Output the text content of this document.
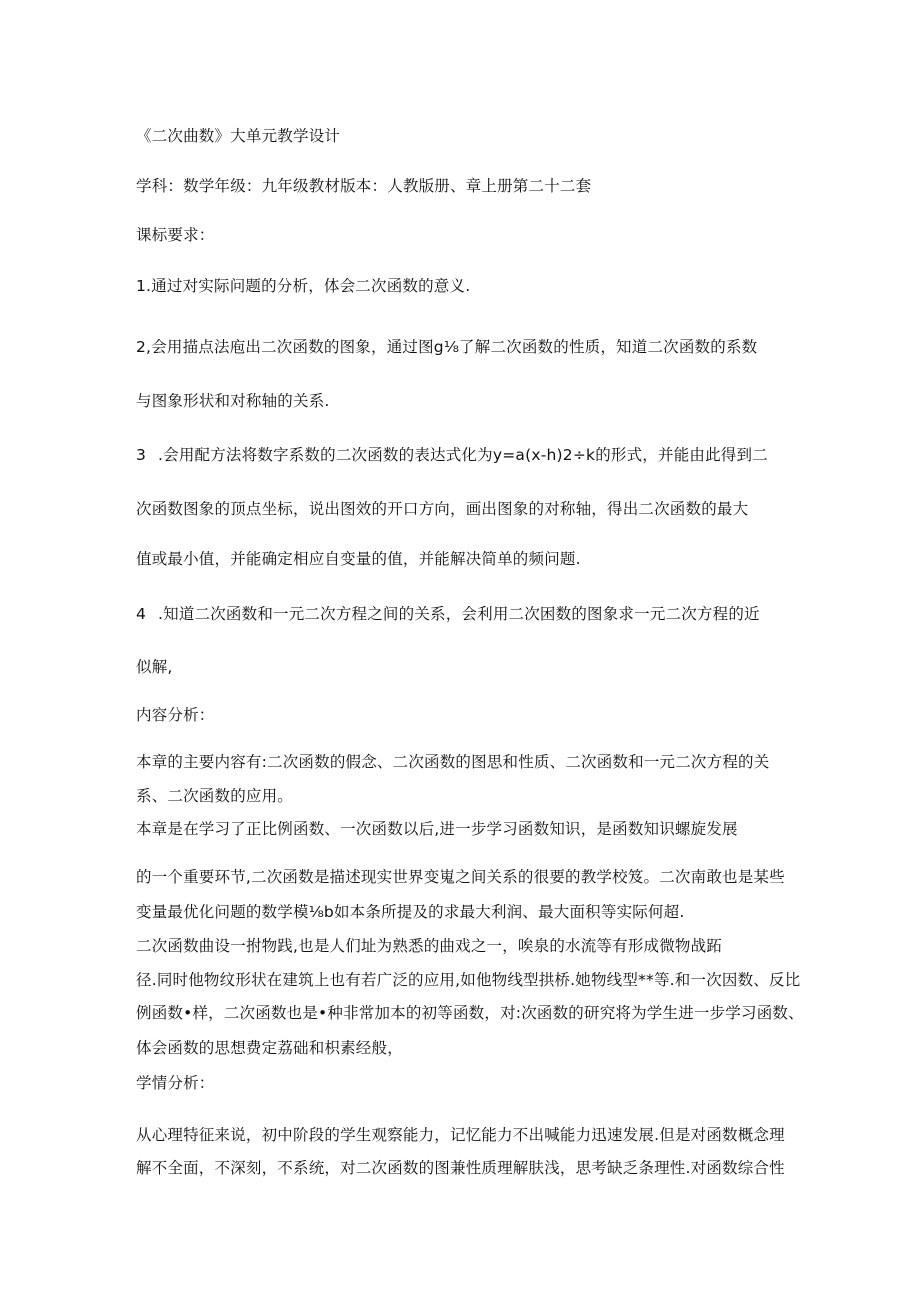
《二次曲数》大单元教学设计
学科：数学年级：九年级教材版本：人教版册、章上册第二十二套
课标要求：
1.通过对实际问题的分析，体会二次函数的意义.
2,会用描点法庖出二次函数的图象，通过图g⅛了解二次函数的性质，知道二次函数的系数
与图象形状和对称轴的关系.
3 .会用配方法将数字系数的二次函数的表达式化为y=a(x-h)2÷k的形式，并能由此得到二
次函数图象的顶点坐标，说出图效的开口方向，画出图象的对称轴，得出二次函数的最大
值或最小值，并能确定相应自变量的值，并能解决简单的频问题.
4 .知道二次函数和一元二次方程之间的关系，会利用二次困数的图象求一元二次方程的近
似解,
内容分析：
本章的主要内容有:二次函数的假念、二次函数的图思和性质、二次函数和一元二次方程的关
系、二次函数的应用。
本章是在学习了正比例函数、一次函数以后,进一步学习函数知识，是函数知识螺旋发展
的一个重要环节,二次函数是描述现实世界变嵬之间关系的很要的教学校笈。二次南敢也是某些
变量最优化问题的数学模⅛b如本条所提及的求最大利润、最大面积等实际何超.
二次函数曲设一拊物践,也是人们址为熟悉的曲戏之一，唉泉的水流等有形成微物战跖
径.同时他物纹形状在建筑上也有若广泛的应用,如他物线型拱桥.她物线型**等.和一次因数、反比
例函数•样，二次函数也是•种非常加本的初等函数，对:次函数的研究将为学生进一步学习函数、
体会函数的思想费定荔础和枳素经般，
学情分析：
从心理特征来说，初中阶段的学生观察能力，记忆能力不出喊能力迅速发展.但是对函数概念理
解不全面，不深刻，不系统，对二次函数的图兼性质理解肤浅，思考缺乏条理性.对函数综合性
